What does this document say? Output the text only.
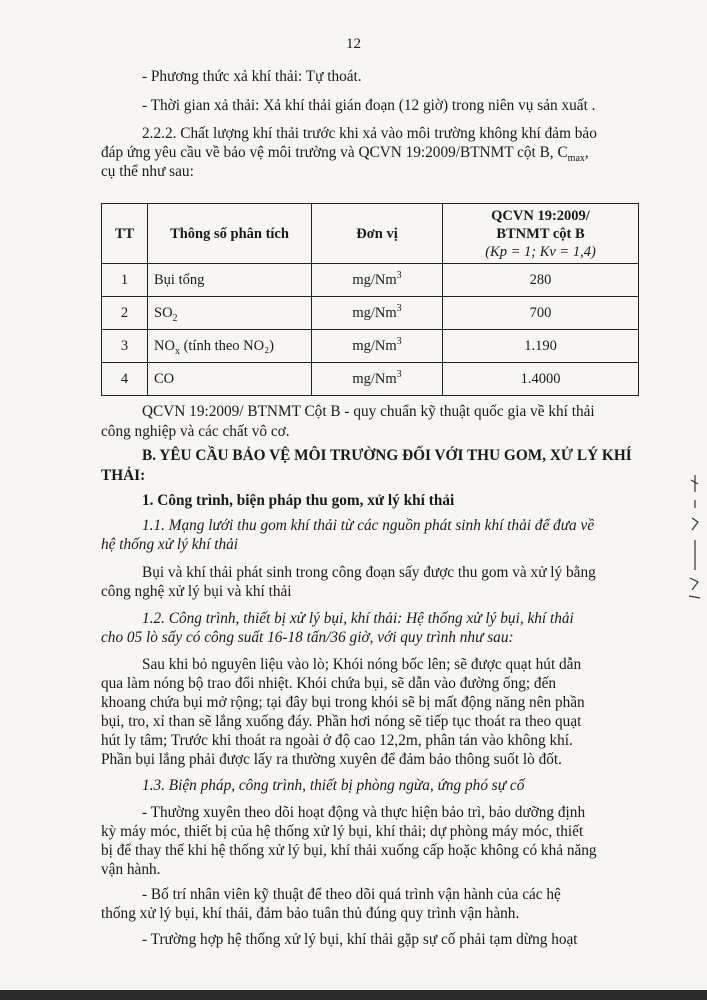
12
- Phương thức xả khí thải: Tự thoát.
- Thời gian xả thải: Xả khí thải gián đoạn (12 giờ) trong niên vụ sản xuất .
2.2.2. Chất lượng khí thải trước khi xả vào môi trường không khí đảm bảo
đáp ứng yêu cầu về bảo vệ môi trường và QCVN 19:2009/BTNMT cột B, $C_{max}$,
cụ thể như sau:
TT	Thông số phân tích	Đơn vị	QCVN 19:2009/
BTNMT cột B
(Kp = 1; Kv = 1,4)

1	Bụi tổng	mg/Nm$^3$	280
2	$SO_2$	mg/Nm$^3$	700
3	$NO_x$ (tính theo NO₂)	mg/Nm$^3$	1.190
4	CO	mg/Nm$^3$	1.4000
QCVN 19:2009/ BTNMT Cột B - quy chuẩn kỹ thuật quốc gia về khí thải
công nghiệp và các chất vô cơ.
B. YÊU CẦU BẢO VỆ MÔI TRƯỜNG ĐỐI VỚI THU GOM, XỬ LÝ KHÍ
THẢI:
1. Công trình, biện pháp thu gom, xử lý khí thải
1.1. Mạng lưới thu gom khí thải từ các nguồn phát sinh khí thải để đưa về
hệ thống xử lý khí thải
Bụi và khí thải phát sinh trong công đoạn sấy được thu gom và xử lý bằng
công nghệ xử lý bụi và khí thải
1.2. Công trình, thiết bị xử lý bụi, khí thải: Hệ thống xử lý bụi, khí thải
cho 05 lò sấy có công suất 16-18 tấn/36 giờ, với quy trình như sau:
Sau khi bỏ nguyên liệu vào lò; Khói nóng bốc lên; sẽ được quạt hút dẫn
qua làm nóng bộ trao đổi nhiệt. Khói chứa bụi, sẽ dẫn vào đường ống; đến
khoang chứa bụi mở rộng; tại đây bụi trong khói sẽ bị mất động năng nên phần
bụi, tro, xỉ than sẽ lắng xuống đáy. Phần hơi nóng sẽ tiếp tục thoát ra theo quạt
hút ly tâm; Trước khi thoát ra ngoài ở độ cao 12,2m, phân tán vào không khí.
Phần bụi lắng phải được lấy ra thường xuyên để đảm bảo thông suốt lò đốt.
1.3. Biện pháp, công trình, thiết bị phòng ngừa, ứng phó sự cố
- Thường xuyên theo dõi hoạt động và thực hiện bảo trì, bảo dưỡng định
kỳ máy móc, thiết bị của hệ thống xử lý bụi, khí thải; dự phòng máy móc, thiết
bị để thay thế khi hệ thống xử lý bụi, khí thải xuống cấp hoặc không có khả năng
vận hành.
- Bố trí nhân viên kỹ thuật để theo dõi quá trình vận hành của các hệ
thống xử lý bụi, khí thải, đảm bảo tuân thủ đúng quy trình vận hành.
- Trường hợp hệ thống xử lý bụi, khí thải gặp sự cố phải tạm dừng hoạt
